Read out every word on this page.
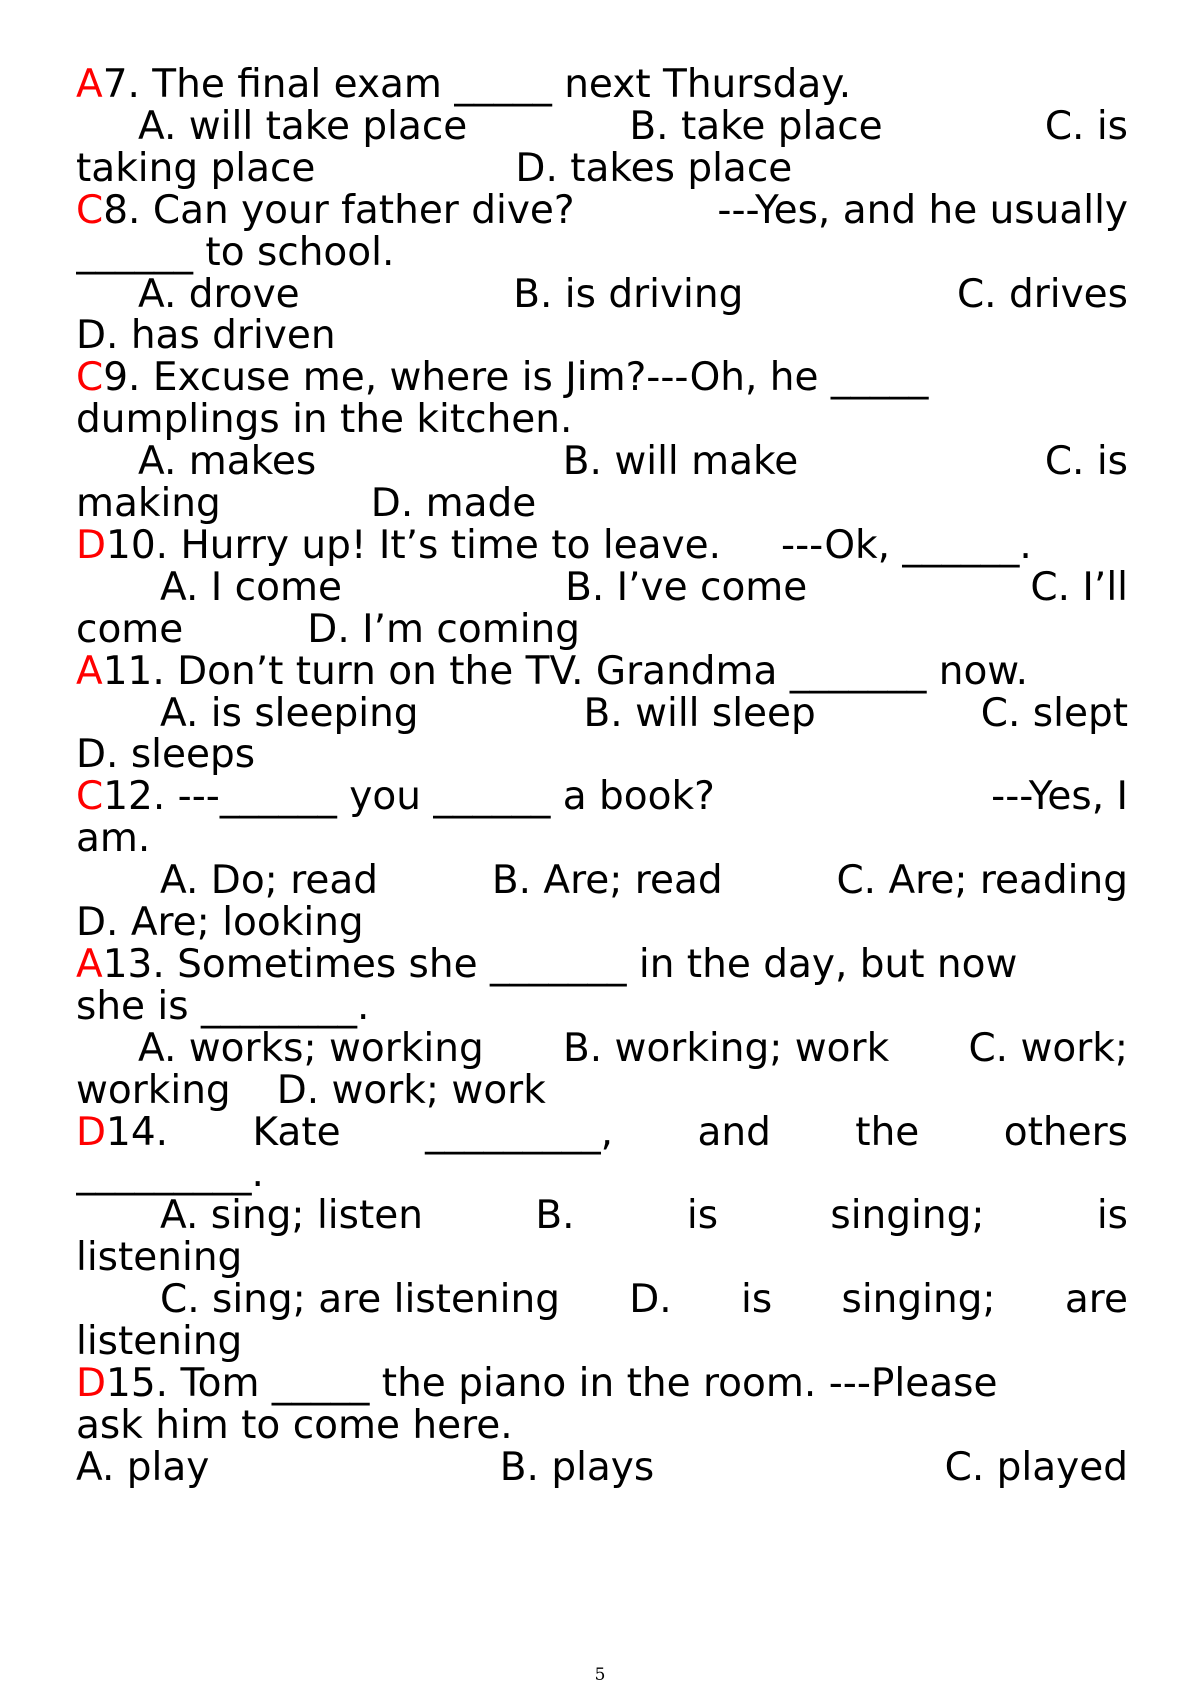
A7. The final exam _____ next Thursday.
A. will take place	B. take place	C. is
taking place	D. takes place
C8. Can your father dive?	---Yes, and he usually
______ to school.
A. drove	B. is driving	C. drives
D. has driven
C9. Excuse me, where is Jim?---Oh, he _____
dumplings in the kitchen.
A. makes	B. will make	C. is
making	D. made
D10. Hurry up! It’s time to leave. ---Ok, ______.
A. I come	B. I’ve come	C. I’ll
come	D. I’m coming
A11. Don’t turn on the TV. Grandma _______ now.
A. is sleeping	B. will sleep	C. slept
D. sleeps
C12. ---______ you ______ a book?	---Yes, I
am.
A. Do; read	B. Are; read	C. Are; reading
D. Are; looking
A13. Sometimes she _______ in the day, but now
she is ________.
A. works; working B. working; work C. work;
working D. work; work
D14. Kate _________, and the others
_________.
A. sing; listen	B.	is	singing;	is
listening
C. sing; are listening D. is singing; are
listening
D15. Tom _____ the piano in the room. ---Please
ask him to come here.
A. play	B. plays	C. played
5
